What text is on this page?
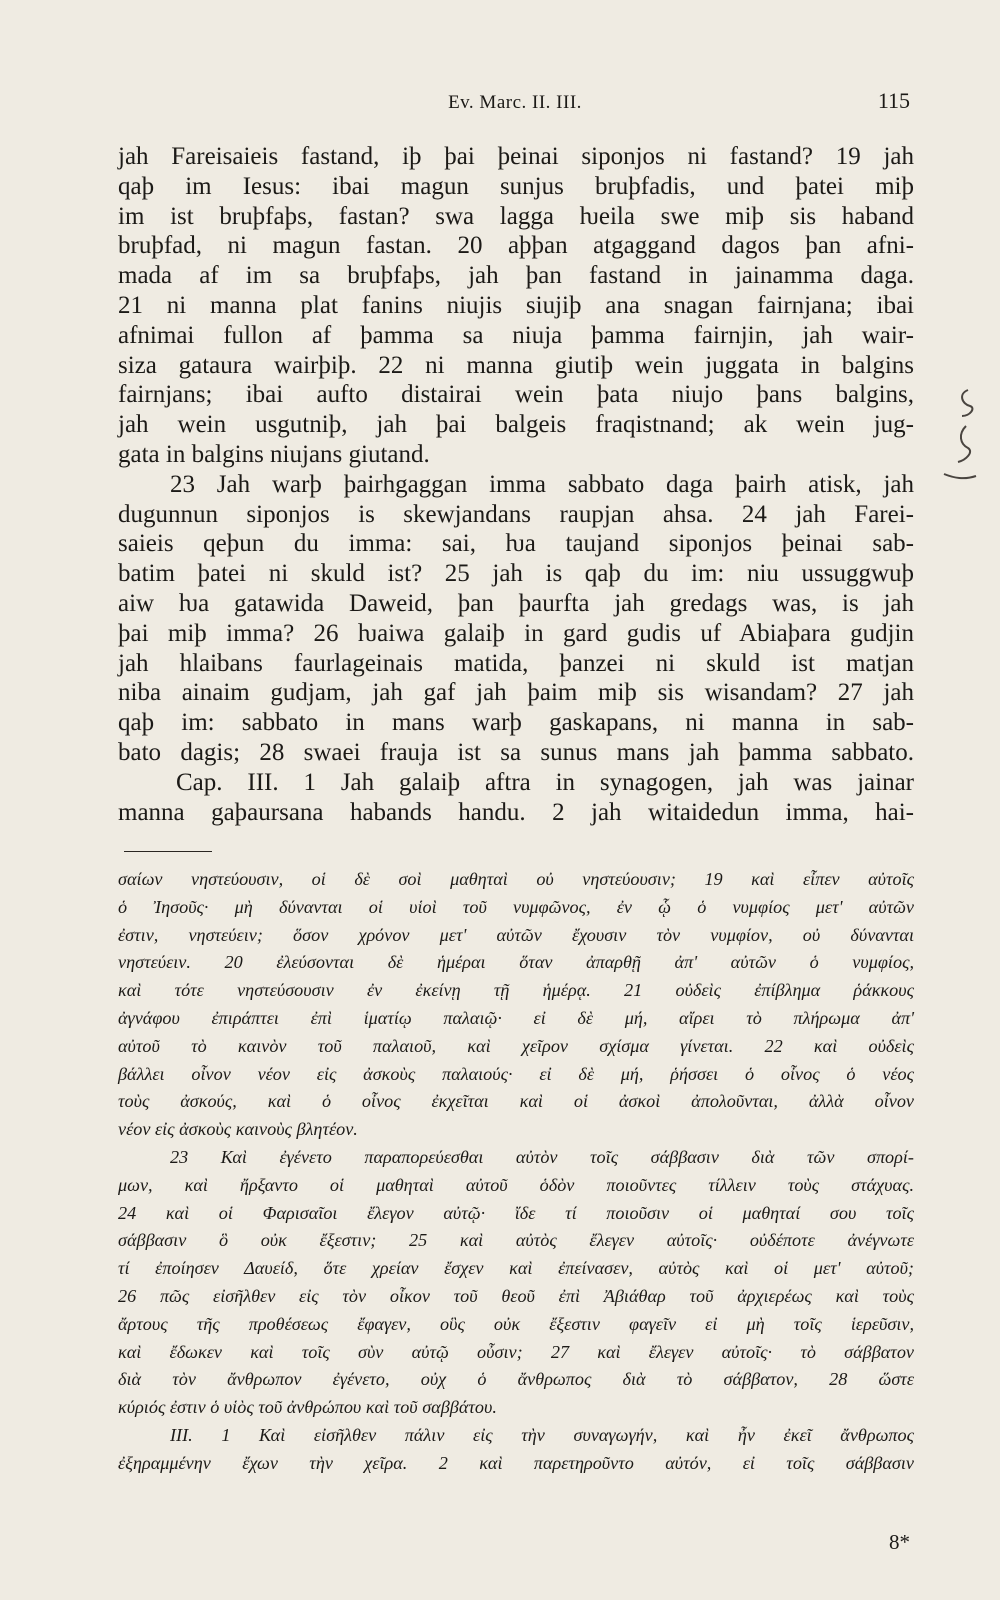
Ev. Marc. II. III.	115
jah Fareisaieis fastand, iþ þai þeinai siponjos ni fastand? 19 jah
qaþ im Iesus: ibai magun sunjus bruþfadis, und þatei miþ
im ist bruþfaþs, fastan? swa lagga ƕeila swe miþ sis haband
bruþfad, ni magun fastan. 20 aþþan atgaggand dagos þan afni-
mada af im sa bruþfaþs, jah þan fastand in jainamma daga.
21 ni manna plat fanins niujis siujiþ ana snagan fairnjana; ibai
afnimai fullon af þamma sa niuja þamma fairnjin, jah wair-
siza gataura wairþiþ. 22 ni manna giutiþ wein juggata in balgins
fairnjans; ibai aufto distairai wein þata niujo þans balgins,
jah wein usgutniþ, jah þai balgeis fraqistnand; ak wein jug-
gata in balgins niujans giutand.
23 Jah warþ þairhgaggan imma sabbato daga þairh atisk, jah
dugunnun siponjos is skewjandans raupjan ahsa. 24 jah Farei-
saieis qeþun du imma: sai, ƕa taujand siponjos þeinai sab-
batim þatei ni skuld ist? 25 jah is qaþ du im: niu ussuggwuþ
aiw ƕa gatawida Daweid, þan þaurfta jah gredags was, is jah
þai miþ imma? 26 ƕaiwa galaiþ in gard gudis uf Abiaþara gudjin
jah hlaibans faurlageinais matida, þanzei ni skuld ist matjan
niba ainaim gudjam, jah gaf jah þaim miþ sis wisandam? 27 jah
qaþ im: sabbato in mans warþ gaskapans, ni manna in sab-
bato dagis; 28 swaei frauja ist sa sunus mans jah þamma sabbato.
Cap. III. 1 Jah galaiþ aftra in synagogen, jah was jainar
manna gaþaursana habands handu. 2 jah witaidedun imma, hai-
σαίων νηστεύουσιν, οἱ δὲ σοὶ μαθηταὶ οὐ νηστεύουσιν; 19 καὶ εἶπεν αὐτοῖς
ὁ Ἰησοῦς· μὴ δύνανται οἱ υἱοὶ τοῦ νυμφῶνος, ἐν ᾧ ὁ νυμφίος μετ' αὐτῶν
ἐστιν, νηστεύειν; ὅσον χρόνον μετ' αὐτῶν ἔχουσιν τὸν νυμφίον, οὐ δύνανται
νηστεύειν. 20 ἐλεύσονται δὲ ἡμέραι ὅταν ἀπαρθῇ ἀπ' αὐτῶν ὁ νυμφίος,
καὶ τότε νηστεύσουσιν ἐν ἐκείνῃ τῇ ἡμέρᾳ. 21 οὐδεὶς ἐπίβλημα ῥάκκους
ἀγνάφου ἐπιράπτει ἐπὶ ἱματίῳ παλαιῷ· εἰ δὲ μή, αἴρει τὸ πλήρωμα ἀπ'
αὐτοῦ τὸ καινὸν τοῦ παλαιοῦ, καὶ χεῖρον σχίσμα γίνεται. 22 καὶ οὐδεὶς
βάλλει οἶνον νέον εἰς ἀσκοὺς παλαιούς· εἰ δὲ μή, ῥήσσει ὁ οἶνος ὁ νέος
τοὺς ἀσκούς, καὶ ὁ οἶνος ἐκχεῖται καὶ οἱ ἀσκοὶ ἀπολοῦνται, ἀλλὰ οἶνον
νέον εἰς ἀσκοὺς καινοὺς βλητέον.
23 Καὶ ἐγένετο παραπορεύεσθαι αὐτὸν τοῖς σάββασιν διὰ τῶν σπορί-
μων, καὶ ἤρξαντο οἱ μαθηταὶ αὐτοῦ ὁδὸν ποιοῦντες τίλλειν τοὺς στάχυας.
24 καὶ οἱ Φαρισαῖοι ἔλεγον αὐτῷ· ἴδε τί ποιοῦσιν οἱ μαθηταί σου τοῖς
σάββασιν ὃ οὐκ ἔξεστιν; 25 καὶ αὐτὸς ἔλεγεν αὐτοῖς· οὐδέποτε ἀνέγνωτε
τί ἐποίησεν Δαυείδ, ὅτε χρείαν ἔσχεν καὶ ἐπείνασεν, αὐτὸς καὶ οἱ μετ' αὐτοῦ;
26 πῶς εἰσῆλθεν εἰς τὸν οἶκον τοῦ θεοῦ ἐπὶ Ἀβιάθαρ τοῦ ἀρχιερέως καὶ τοὺς
ἄρτους τῆς προθέσεως ἔφαγεν, οὓς οὐκ ἔξεστιν φαγεῖν εἰ μὴ τοῖς ἱερεῦσιν,
καὶ ἔδωκεν καὶ τοῖς σὺν αὐτῷ οὖσιν; 27 καὶ ἔλεγεν αὐτοῖς· τὸ σάββατον
διὰ τὸν ἄνθρωπον ἐγένετο, οὐχ ὁ ἄνθρωπος διὰ τὸ σάββατον, 28 ὥστε
κύριός ἐστιν ὁ υἱὸς τοῦ ἀνθρώπου καὶ τοῦ σαββάτου.
III. 1 Καὶ εἰσῆλθεν πάλιν εἰς τὴν συναγωγήν, καὶ ἦν ἐκεῖ ἄνθρωπος
ἐξηραμμένην ἔχων τὴν χεῖρα. 2 καὶ παρετηροῦντο αὐτόν, εἰ τοῖς σάββασιν
8*
